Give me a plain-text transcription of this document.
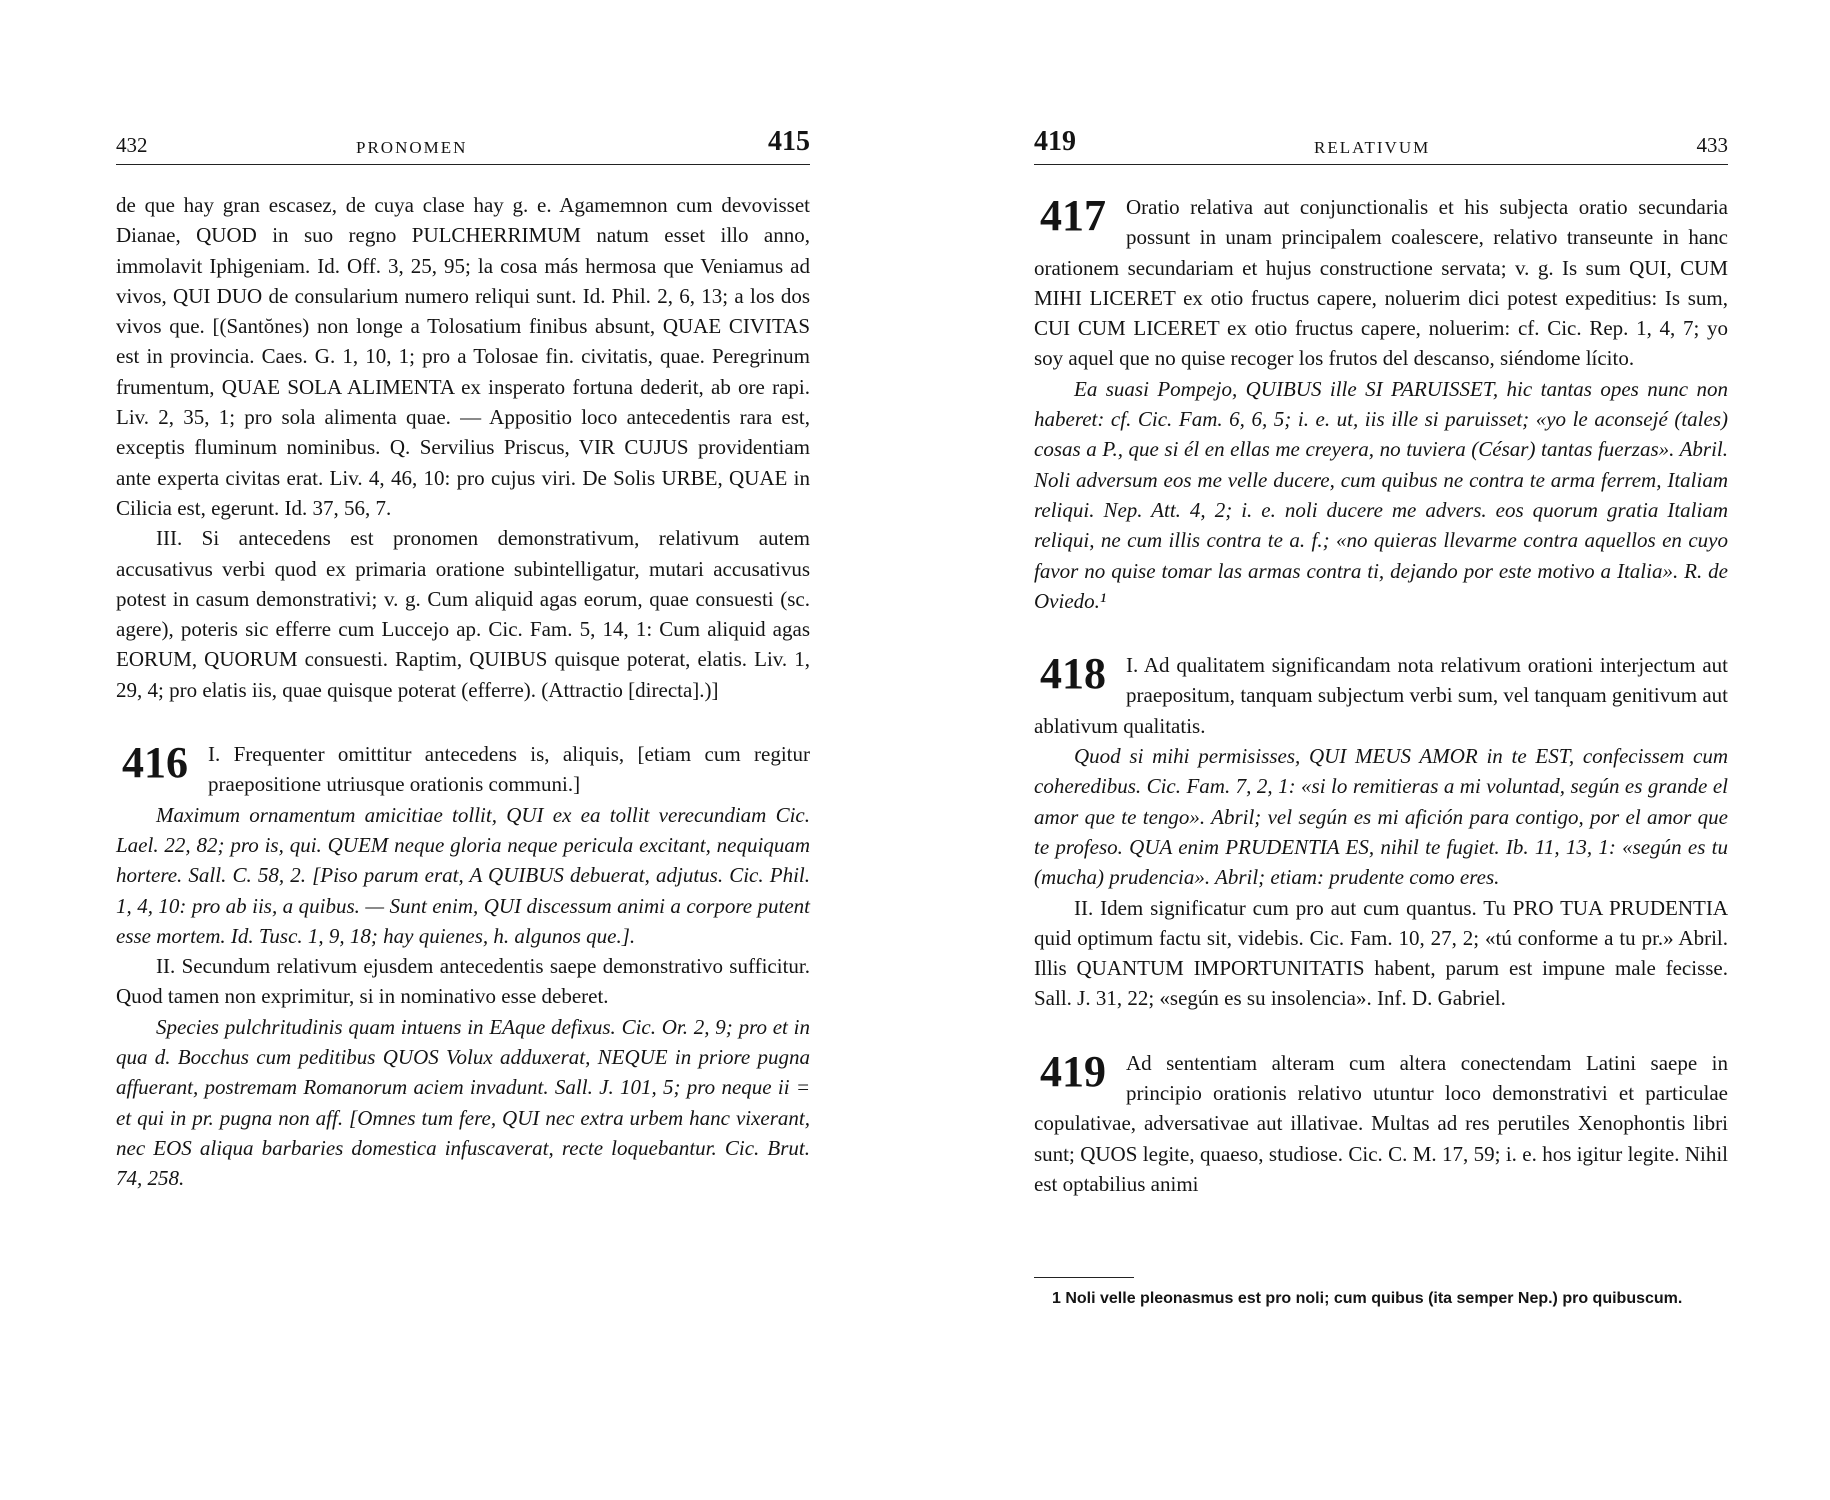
432	PRONOMEN	415

de que hay gran escasez, de cuya clase hay g. e. Agamemnon cum devovisset Dianae, QUOD in suo regno PULCHERRIMUM natum esset illo anno, immolavit Iphigeniam. Id. Off. 3, 25, 95; la cosa más hermosa que Veniamus ad vivos, QUI DUO de consularium numero reliqui sunt. Id. Phil. 2, 6, 13; a los dos vivos que. [(Santŏnes) non longe a Tolosatium finibus absunt, QUAE CIVITAS est in provincia. Caes. G. 1, 10, 1; pro a Tolosae fin. civitatis, quae. Peregrinum frumentum, QUAE SOLA ALIMENTA ex insperato fortuna dederit, ab ore rapi. Liv. 2, 35, 1; pro sola alimenta quae. — Appositio loco antecedentis rara est, exceptis fluminum nominibus. Q. Servilius Priscus, VIR CUJUS providentiam ante experta civitas erat. Liv. 4, 46, 10: pro cujus viri. De Solis URBE, QUAE in Cilicia est, egerunt. Id. 37, 56, 7.

III. Si antecedens est pronomen demonstrativum, relativum autem accusativus verbi quod ex primaria oratione subintelligatur, mutari accusativus potest in casum demonstrativi; v. g. Cum aliquid agas eorum, quae consuesti (sc. agere), poteris sic efferre cum Luccejo ap. Cic. Fam. 5, 14, 1: Cum aliquid agas EORUM, QUORUM consuesti. Raptim, QUIBUS quisque poterat, elatis. Liv. 1, 29, 4; pro elatis iis, quae quisque poterat (efferre). (Attractio [directa].)]

416 I. Frequenter omittitur antecedens is, aliquis, [etiam cum regitur praepositione utriusque orationis communi.]

Maximum ornamentum amicitiae tollit, QUI ex ea tollit verecundiam Cic. Lael. 22, 82; pro is, qui. QUEM neque gloria neque pericula excitant, nequiquam hortere. Sall. C. 58, 2. [Piso parum erat, A QUIBUS debuerat, adjutus. Cic. Phil. 1, 4, 10: pro ab iis, a quibus. — Sunt enim, QUI discessum animi a corpore putent esse mortem. Id. Tusc. 1, 9, 18; hay quienes, h. algunos que.].

II. Secundum relativum ejusdem antecedentis saepe demonstrativo sufficitur. Quod tamen non exprimitur, si in nominativo esse deberet.

Species pulchritudinis quam intuens in EAque defixus. Cic. Or. 2, 9; pro et in qua d. Bocchus cum peditibus QUOS Volux adduxerat, NEQUE in priore pugna affuerant, postremam Romanorum aciem invadunt. Sall. J. 101, 5; pro neque ii = et qui in pr. pugna non aff. [Omnes tum fere, QUI nec extra urbem hanc vixerant, nec EOS aliqua barbaries domestica infuscaverat, recte loquebantur. Cic. Brut. 74, 258.

419	RELATIVUM	433
417 Oratio relativa aut conjunctionalis et his subjecta oratio secundaria possunt in unam principalem coalescere, relativo transeunte in hanc orationem secundariam et hujus constructione servata; v. g. Is sum QUI, CUM MIHI LICERET ex otio fructus capere, noluerim dici potest expeditius: Is sum, CUI CUM LICERET ex otio fructus capere, noluerim: cf. Cic. Rep. 1, 4, 7; yo soy aquel que no quise recoger los frutos del descanso, siéndome lícito.

Ea suasi Pompejo, QUIBUS ille SI PARUISSET, hic tantas opes nunc non haberet: cf. Cic. Fam. 6, 6, 5; i. e. ut, iis ille si paruisset; «yo le aconsejé (tales) cosas a P., que si él en ellas me creyera, no tuviera (César) tantas fuerzas». Abril. Noli adversum eos me velle ducere, cum quibus ne contra te arma ferrem, Italiam reliqui. Nep. Att. 4, 2; i. e. noli ducere me advers. eos quorum gratia Italiam reliqui, ne cum illis contra te a. f.; «no quieras llevarme contra aquellos en cuyo favor no quise tomar las armas contra ti, dejando por este motivo a Italia». R. de Oviedo.¹

418 I. Ad qualitatem significandam nota relativum orationi interjectum aut praepositum, tanquam subjectum verbi sum, vel tanquam genitivum aut ablativum qualitatis.

Quod si mihi permisisses, QUI MEUS AMOR in te EST, confecissem cum coheredibus. Cic. Fam. 7, 2, 1: «si lo remitieras a mi voluntad, según es grande el amor que te tengo». Abril; vel según es mi afición para contigo, por el amor que te profeso. QUA enim PRUDENTIA ES, nihil te fugiet. Ib. 11, 13, 1: «según es tu (mucha) prudencia». Abril; etiam: prudente como eres.

II. Idem significatur cum pro aut cum quantus. Tu PRO TUA PRUDENTIA quid optimum factu sit, videbis. Cic. Fam. 10, 27, 2; «tú conforme a tu pr.» Abril. Illis QUANTUM IMPORTUNITATIS habent, parum est impune male fecisse. Sall. J. 31, 22; «según es su insolencia». Inf. D. Gabriel.

419 Ad sententiam alteram cum altera conectendam Latini saepe in principio orationis relativo utuntur loco demonstrativi et particulae copulativae, adversativae aut illativae. Multas ad res perutiles Xenophontis libri sunt; QUOS legite, quaeso, studiose. Cic. C. M. 17, 59; i. e. hos igitur legite. Nihil est optabilius animi

1 Noli velle pleonasmus est pro noli; cum quibus (ita semper Nep.) pro quibuscum.
